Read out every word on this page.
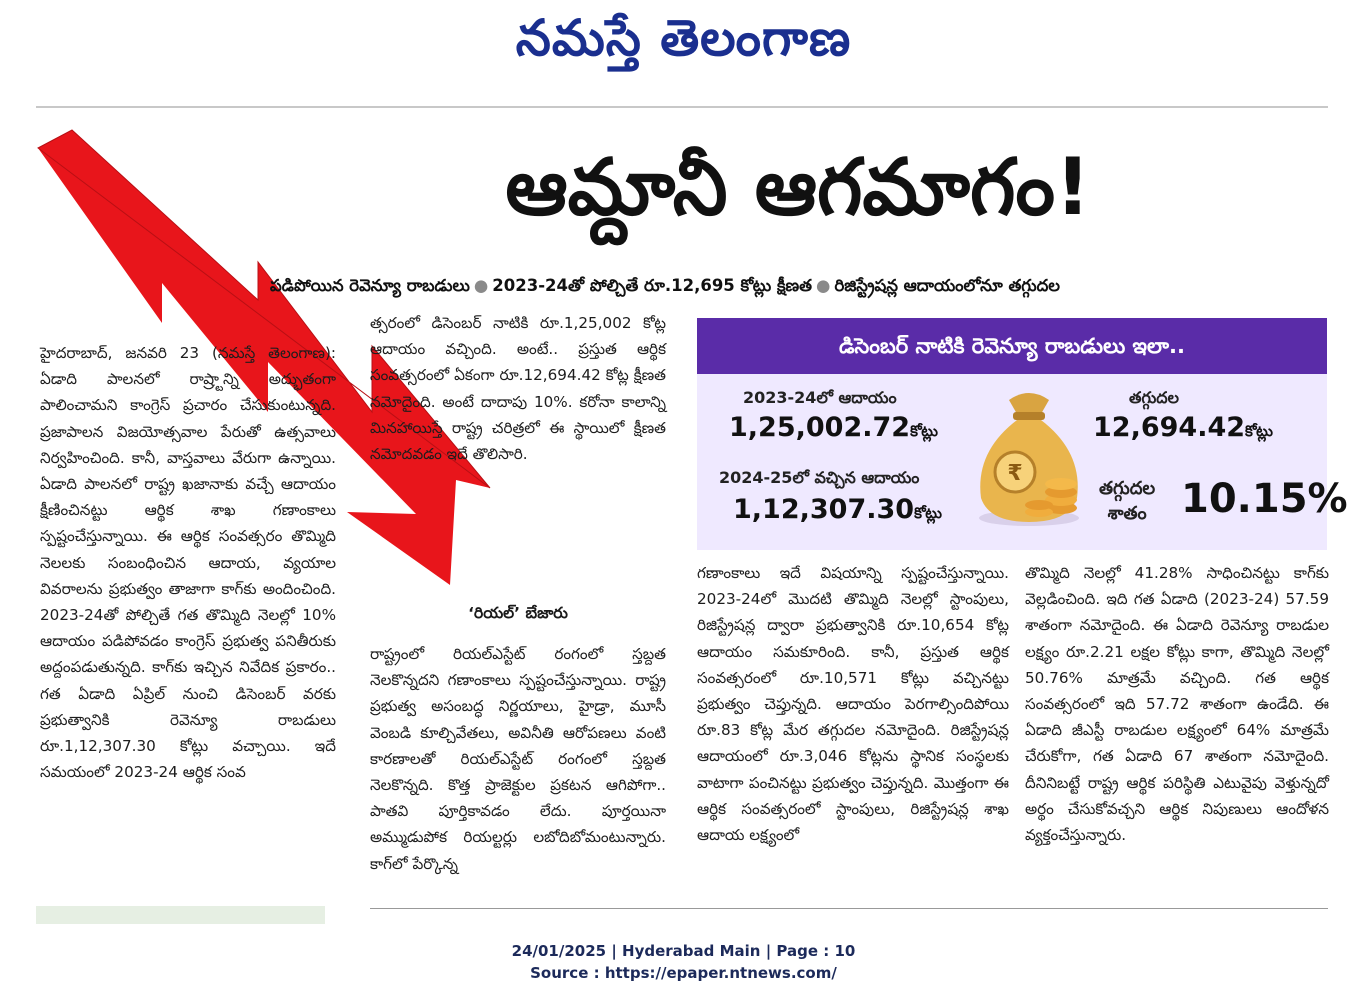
నమస్తే తెలంగాణ
ఆమ్దానీ ఆగమాగం!
పడిపోయిన రెవెన్యూ రాబడులు ● 2023-24తో పోల్చితే రూ.12,695 కోట్లు క్షీణత ● రిజిస్ట్రేషన్ల ఆదాయంలోనూ తగ్గుదల

హైదరాబాద్, జనవరి 23 (నమస్తే తెలంగాణ): ఏడాది పాలనలో రాష్ర్టాన్ని అద్భుతంగా పాలించామని కాంగ్రెస్ ప్రచారం చేసుకుంటున్నది. ప్రజాపాలన విజయోత్సవాల పేరుతో ఉత్సవాలు నిర్వహించింది. కానీ, వాస్తవాలు వేరుగా ఉన్నాయి. ఏడాది పాలనలో రాష్ట్ర ఖజానాకు వచ్చే ఆదాయం క్షీణించినట్టు ఆర్థిక శాఖ గణాంకాలు స్పష్టంచేస్తున్నాయి. ఈ ఆర్థిక సంవత్సరం తొమ్మిది నెలలకు సంబంధించిన ఆదాయ, వ్యయాల వివరాలను ప్రభుత్వం తాజాగా కాగ్‌కు అందించింది. 2023-24తో పోల్చితే గత తొమ్మిది నెలల్లో 10% ఆదాయం పడిపోవడం కాంగ్రెస్ ప్రభుత్వ పనితీరుకు అద్దంపడుతున్నది. కాగ్‌కు ఇచ్చిన నివేదిక ప్రకారం.. గత ఏడాది ఏప్రిల్ నుంచి డిసెంబర్ వరకు ప్రభుత్వానికి రెవెన్యూ రాబడులు రూ.1,12,307.30 కోట్లు వచ్చాయి. ఇదే సమయంలో 2023-24 ఆర్థిక సంవ

త్సరంలో డిసెంబర్ నాటికి రూ.1,25,002 కోట్ల ఆదాయం వచ్చింది. అంటే.. ప్రస్తుత ఆర్థిక సంవత్సరంలో ఏకంగా రూ.12,694.42 కోట్ల క్షీణత నమోదైంది. అంటే దాదాపు 10%. కరోనా కాలాన్ని మినహాయిస్తే రాష్ట్ర చరిత్రలో ఈ స్థాయిలో క్షీణత నమోదవడం ఇదే తొలిసారి.

‘రియల్’ బేజారు

రాష్ట్రంలో రియల్‌ఎస్టేట్ రంగంలో స్తబ్దత నెలకొన్నదని గణాంకాలు స్పష్టంచేస్తున్నాయి. రాష్ట్ర ప్రభుత్వ అసంబద్ధ నిర్ణయాలు, హైడ్రా, మూసీ వెంబడి కూల్చివేతలు, అవినీతి ఆరోపణలు వంటి కారణాలతో రియల్‌ఎస్టేట్ రంగంలో స్తబ్దత నెలకొన్నది. కొత్త ప్రాజెక్టుల ప్రకటన ఆగిపోగా.. పాతవి పూర్తికావడం లేదు. పూర్తయినా అమ్ముడుపోక రియల్టర్లు లబోదిబోమంటున్నారు. కాగ్‌లో పేర్కొన్న

డిసెంబర్ నాటికి రెవెన్యూ రాబడులు ఇలా..
2023-24లో ఆదాయం
1,25,002.72కోట్లు
2024-25లో వచ్చిన ఆదాయం
1,12,307.30కోట్లు
₹
తగ్గుదల
12,694.42కోట్లు
తగ్గుదల
శాతం 10.15%

గణాంకాలు ఇదే విషయాన్ని స్పష్టంచేస్తున్నాయి. 2023-24లో మొదటి తొమ్మిది నెలల్లో స్టాంపులు, రిజిస్ట్రేషన్ల ద్వారా ప్రభుత్వానికి రూ.10,654 కోట్ల ఆదాయం సమకూరింది. కానీ, ప్రస్తుత ఆర్థిక సంవత్సరంలో రూ.10,571 కోట్లు వచ్చినట్టు ప్రభుత్వం చెప్తున్నది. ఆదాయం పెరగాల్సిందిపోయి రూ.83 కోట్ల మేర తగ్గుదల నమోదైంది. రిజిస్ట్రేషన్ల ఆదాయంలో రూ.3,046 కోట్లను స్థానిక సంస్థలకు వాటాగా పంచినట్టు ప్రభుత్వం చెప్తున్నది. మొత్తంగా ఈ ఆర్థిక సంవత్సరంలో స్టాంపులు, రిజిస్ట్రేషన్ల శాఖ ఆదాయ లక్ష్యంలో

తొమ్మిది నెలల్లో 41.28% సాధించినట్టు కాగ్‌కు వెల్లడించింది. ఇది గత ఏడాది (2023-24) 57.59 శాతంగా నమోదైంది. ఈ ఏడాది రెవెన్యూ రాబడుల లక్ష్యం రూ.2.21 లక్షల కోట్లు కాగా, తొమ్మిది నెలల్లో 50.76% మాత్రమే వచ్చింది. గత ఆర్థిక సంవత్సరంలో ఇది 57.72 శాతంగా ఉండేది. ఈ ఏడాది జీఎస్టీ రాబడుల లక్ష్యంలో 64% మాత్రమే చేరుకోగా, గత ఏడాది 67 శాతంగా నమోదైంది. దీనినిబట్టే రాష్ట్ర ఆర్థిక పరిస్థితి ఎటువైపు వెళ్తున్నదో అర్థం చేసుకోవచ్చని ఆర్థిక నిపుణులు ఆందోళన వ్యక్తంచేస్తున్నారు.

24/01/2025 | Hyderabad Main | Page : 10
Source : https://epaper.ntnews.com/
